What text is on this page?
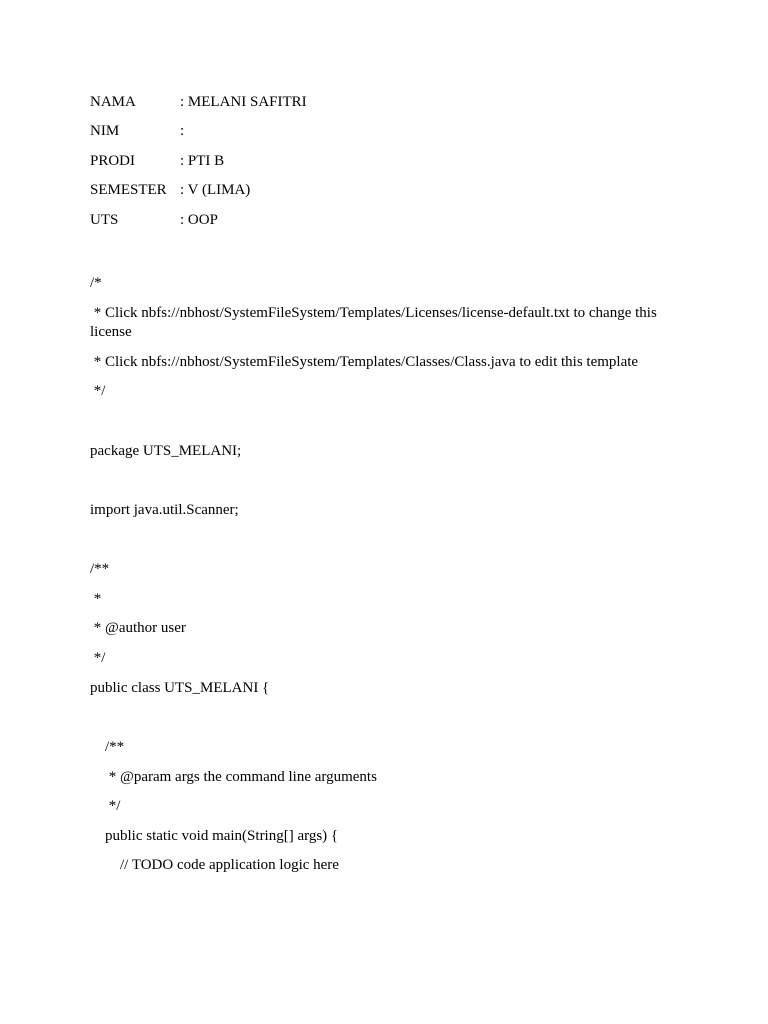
NAMA	: MELANI SAFITRI
NIM	:
PRODI	: PTI B
SEMESTER : V (LIMA)
UTS	: OOP
/*
* Click nbfs://nbhost/SystemFileSystem/Templates/Licenses/license-default.txt to change this license
* Click nbfs://nbhost/SystemFileSystem/Templates/Classes/Class.java to edit this template
*/
package UTS_MELANI;
import java.util.Scanner;
/**
*
* @author user
*/
public class UTS_MELANI {
/**
* @param args the command line arguments
*/
public static void main(String[] args) {
// TODO code application logic here
